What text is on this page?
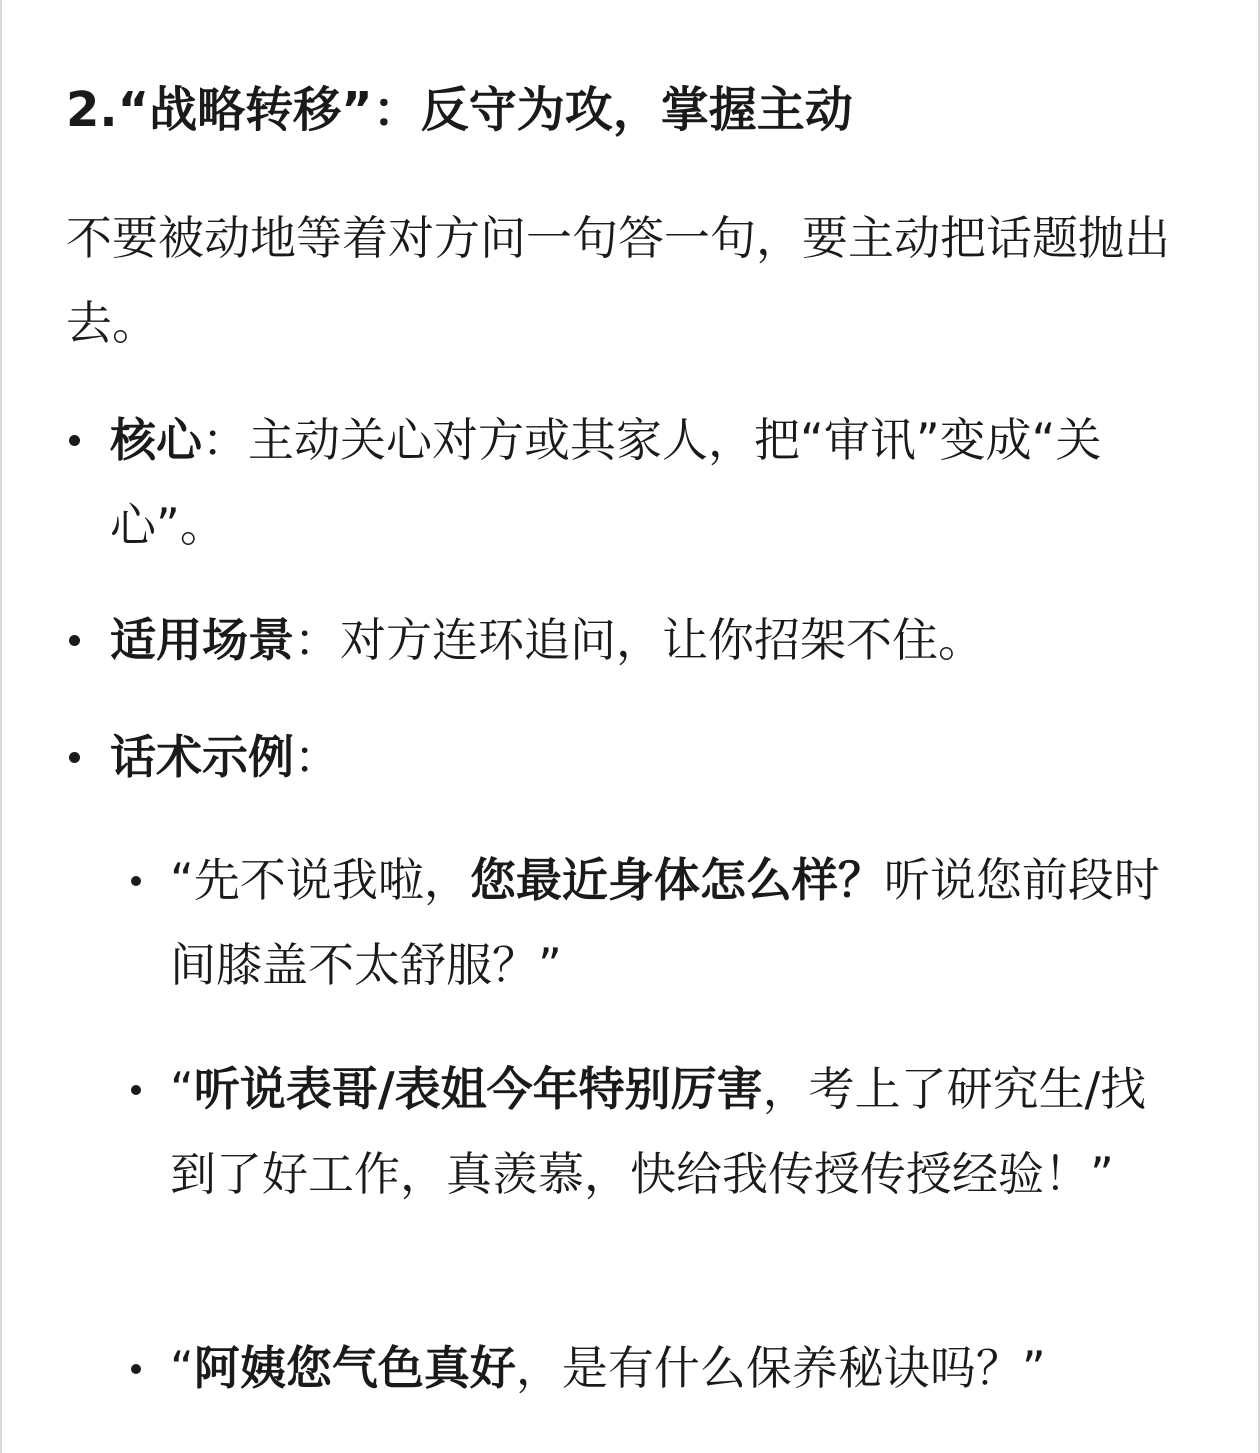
2.“战略转移”：反守为攻，掌握主动
不要被动地等着对方问一句答一句，要主动把话题抛出去。
核心：主动关心对方或其家人，把“审讯”变成“关心”。
适用场景：对方连环追问，让你招架不住。
话术示例：
“先不说我啦，您最近身体怎么样？听说您前段时间膝盖不太舒服？”
“听说表哥/表姐今年特别厉害，考上了研究生/找到了好工作，真羡慕，快给我传授传授经验！”
“阿姨您气色真好，是有什么保养秘诀吗？”
